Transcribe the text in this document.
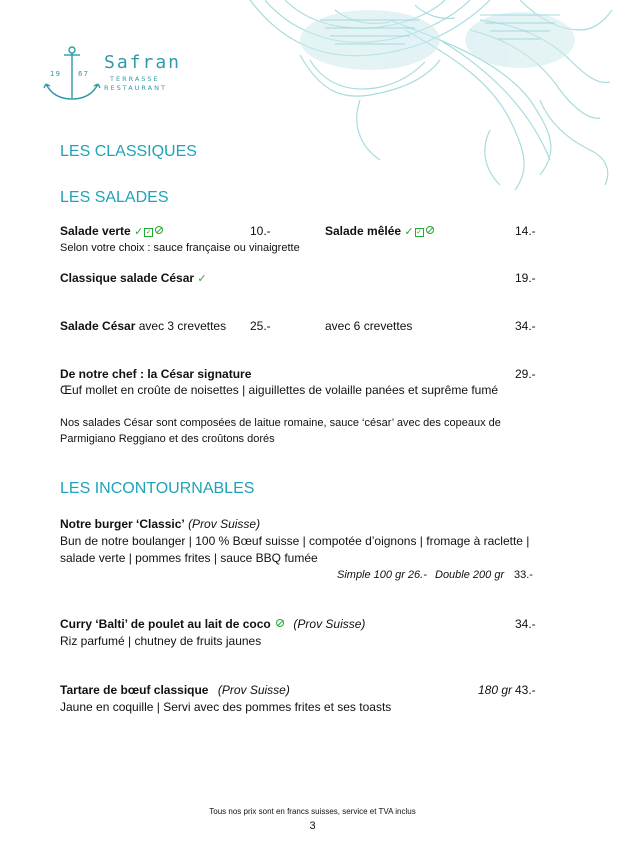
19 67
Safran
TERRASSE
RESTAURANT
LES CLASSIQUES
LES SALADES
Salade verte ✓ ✓	10.-
Selon votre choix : sauce française ou vinaigrette
Salade mêlée ✓ ✓	14.-
Classique salade César ✓	19.-
Salade César avec 3 crevettes 25.-	avec 6 crevettes	34.-
De notre chef : la César signature	29.-
Œuf mollet en croûte de noisettes | aiguillettes de volaille panées et suprême fumé
Nos salades César sont composées de laitue romaine, sauce ‘césar’ avec des copeaux de
Parmigiano Reggiano et des croûtons dorés
LES INCONTOURNABLES
Notre burger ‘Classic’ (Prov Suisse)
Bun de notre boulanger | 100 % Bœuf suisse | compotée d’oignons | fromage à raclette |
salade verte | pommes frites | sauce BBQ fumée
Simple 100 gr 26.- Double 200 gr 33.-
Curry ‘Balti’ de poulet au lait de coco (Prov Suisse)	34.-
Riz parfumé | chutney de fruits jaunes
Tartare de bœuf classique (Prov Suisse)	180 gr 43.-
Jaune en coquille | Servi avec des pommes frites et ses toasts
Tous nos prix sont en francs suisses, service et TVA inclus
3
